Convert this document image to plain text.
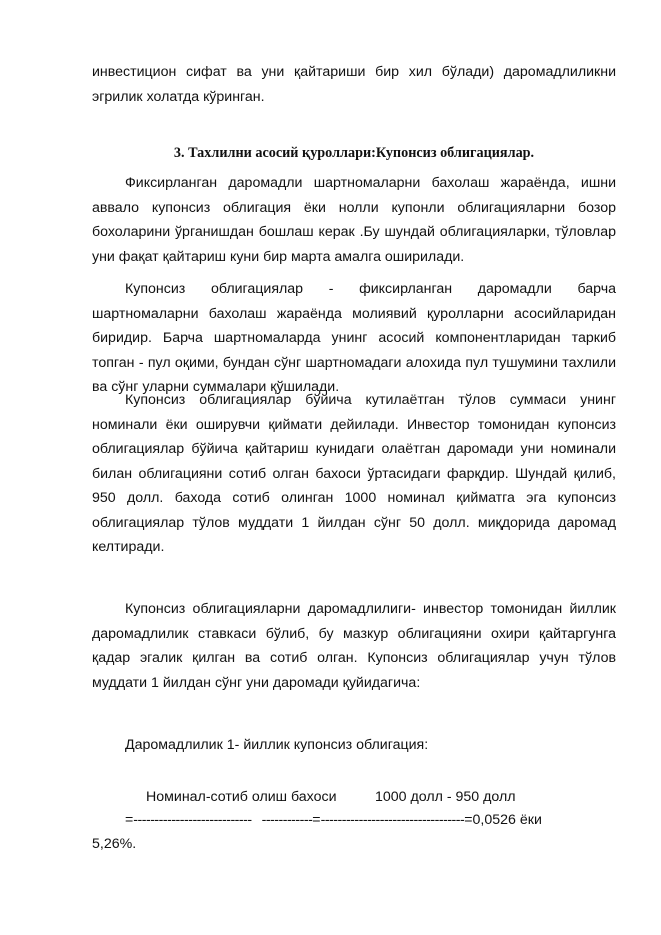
инвестицион сифат ва уни қайтариши бир хил бўлади) даромадлиликни эгрилик холатда кўринган.

3. Тахлилни асосий қуроллари:Купонсиз облигациялар.

Фиксирланган даромадли шартномаларни бахолаш жараёнда, ишни аввало купонсиз облигация ёки нолли купонли облигацияларни бозор бохоларини ўрганишдан бошлаш керак .Бу шундай облигацияларки, тўловлар уни фақат қайтариш куни бир марта амалга оширилади.

Купонсиз облигациялар - фиксирланган даромадли барча шартномаларни бахолаш жараёнда молиявий қуролларни асосийларидан биридир. Барча шартномаларда унинг асосий компонентларидан таркиб топган - пул оқими, бундан сўнг шартномадаги алохида пул тушумини тахлили ва сўнг уларни суммалари қўшилади.

Купонсиз облигациялар бўйича кутилаётган тўлов суммаси унинг номинали ёки оширувчи қиймати дейилади. Инвестор томонидан купонсиз облигациялар бўйича қайтариш кунидаги олаётган даромади уни номинали билан облигацияни сотиб олган бахоси ўртасидаги фарқдир. Шундай қилиб, 950 долл. бахода сотиб олинган 1000 номинал қийматга эга купонсиз облигациялар тўлов муддати 1 йилдан сўнг 50 долл. миқдорида даромад келтиради.

Купонсиз облигацияларни даромадлилиги- инвестор томонидан йиллик даромадлилик ставкаси бўлиб, бу мазкур облигацияни охири қайтаргунга қадар эгалик қилган ва сотиб олган. Купонсиз облигациялар учун тўлов муддати 1 йилдан сўнг уни даромади қуйидагича:

Даромадлилик 1- йиллик купонсиз облигация:
Номинал-сотиб олиш бахоси	1000 долл - 950 долл
=---------------------------- ------------=----------------------------------=0,0526 ёки
5,26%.
